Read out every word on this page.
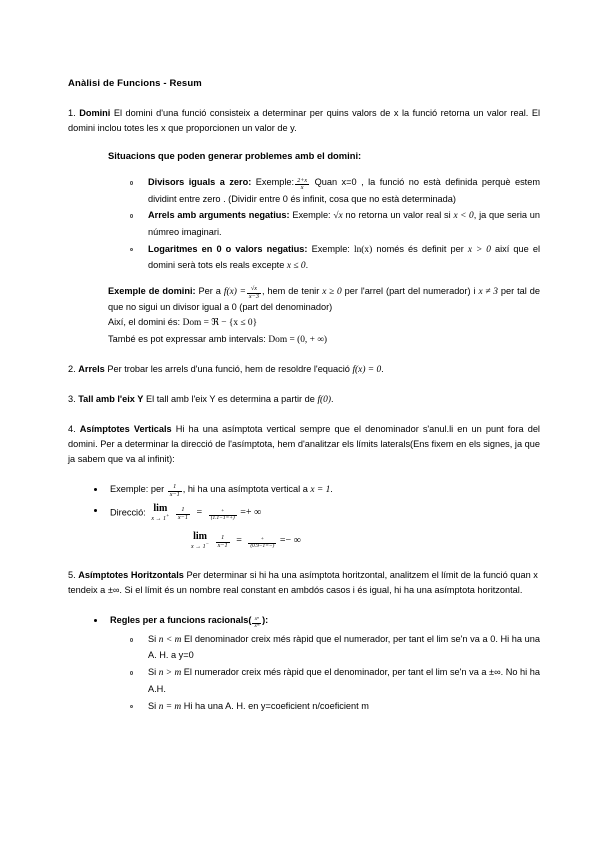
Anàlisi de Funcions - Resum

1. Domini El domini d'una funció consisteix a determinar per quins valors de x la funció retorna un valor real. El domini inclou totes les x que proporcionen un valor de y.

Situacions que poden generar problemes amb el domini:
Divisors iguals a zero: Exemple: $\frac{2+x}{x}$ Quan x=0 , la funció no està definida perquè estem dividint entre zero . (Dividir entre 0 és infinit, cosa que no està determinada)
Arrels amb arguments negatius: Exemple: √x no retorna un valor real si x < 0, ja que seria un númreo imaginari.
Logaritmes en 0 o valors negatius: Exemple: ln(x) només és definit per x > 0 així que el domini serà tots els reals excepte x ≤ 0.

Exemple de domini: Per a $f(x) = \frac{√x}{x-3}$ , hem de tenir x ≥ 0 per l'arrel (part del numerador) i x ≠ 3 per tal de que no sigui un divisor igual a 0 (part del denominador)

Així, el domini és: Dom = ℜ − {x ≤ 0}

També es pot expressar amb intervals: Dom = (0, + ∞)

2. Arrels Per trobar les arrels d'una funció, hem de resoldre l'equació f(x) = 0.

3. Tall amb l'eix Y El tall amb l'eix Y es determina a partir de f(0).

4. Asímptotes Verticals Hi ha una asímptota vertical sempre que el denominador s'anul.li en un punt fora del domini. Per a determinar la direcció de l'asímptota, hem d'analitzar els límits laterals(Ens fixem en els signes, ja que ja sabem que va al infinit):

Exemple: per $\frac{1}{x-1}$ , hi ha una asímptota vertical a x = 1.
Direcció: lim
x → 1+
$\frac{1}{x-1} = \frac{+}{(1.1-1=+)}$ =+ ∞
lim
x → 1−
$\frac{1}{x-1} = \frac{+}{(0.9-1=-)}$ =− ∞

5. Asímptotes Horitzontals Per determinar si hi ha una asímptota horitzontal, analitzem el límit de la funció quan x tendeix a ±∞. Si el límit és un nombre real constant en ambdós casos i és igual, hi ha una asímptota horitzontal.

Regles per a funcions racionals( $\frac{\text{xⁿ}}{\text{xᵐ}}$ ):
Si n < m El denominador creix més ràpid que el numerador, per tant el lim se'n va a 0. Hi ha una A. H. a y=0
Si n > m El numerador creix més ràpid que el denominador, per tant el lim se'n va a ±∞. No hi ha A.H.
Si n = m Hi ha una A. H. en y=coeficient n/coeficient m
